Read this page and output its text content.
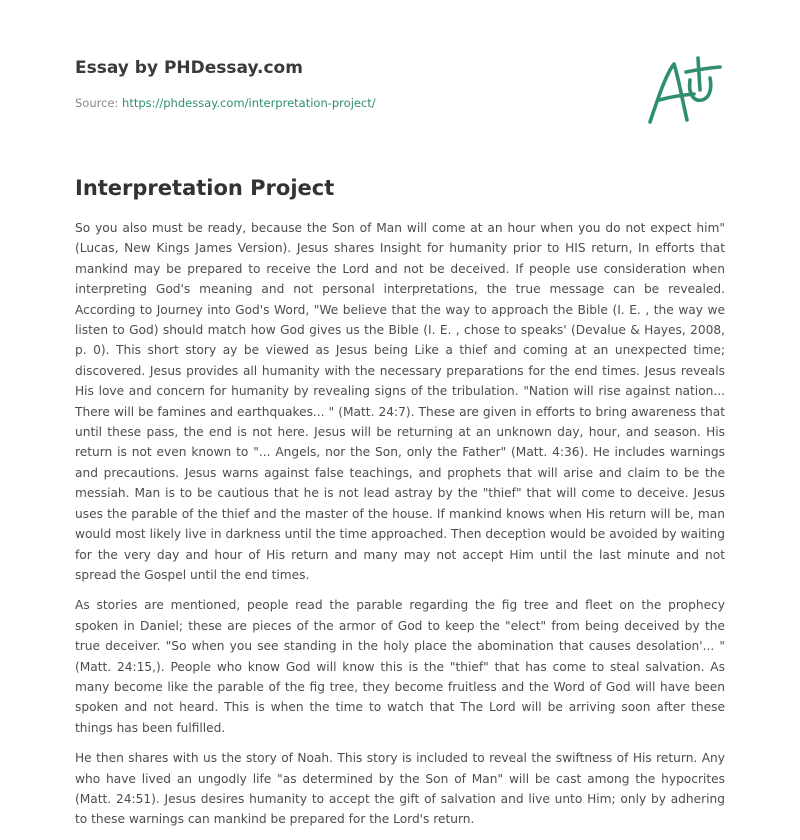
Essay by PHDessay.com
Source: https://phdessay.com/interpretation-project/
Interpretation Project

So you also must be ready, because the Son of Man will come at an hour when you do not expect him" (Lucas, New Kings James Version). Jesus shares Insight for humanity prior to HIS return, In efforts that mankind may be prepared to receive the Lord and not be deceived. If people use consideration when interpreting God's meaning and not personal interpretations, the true message can be revealed. According to Journey into God's Word, "We believe that the way to approach the Bible (I. E. , the way we listen to God) should match how God gives us the Bible (I. E. , chose to speaks' (Devalue & Hayes, 2008, p. 0). This short story ay be viewed as Jesus being Like a thief and coming at an unexpected time; discovered. Jesus provides all humanity with the necessary preparations for the end times. Jesus reveals His love and concern for humanity by revealing signs of the tribulation. "Nation will rise against nation... There will be famines and earthquakes... " (Matt. 24:7). These are given in efforts to bring awareness that until these pass, the end is not here. Jesus will be returning at an unknown day, hour, and season. His return is not even known to "... Angels, nor the Son, only the Father" (Matt. 4:36). He includes warnings and precautions. Jesus warns against false teachings, and prophets that will arise and claim to be the messiah. Man is to be cautious that he is not lead astray by the "thief" that will come to deceive. Jesus uses the parable of the thief and the master of the house. If mankind knows when His return will be, man would most likely live in darkness until the time approached. Then deception would be avoided by waiting for the very day and hour of His return and many may not accept Him until the last minute and not spread the Gospel until the end times.

As stories are mentioned, people read the parable regarding the fig tree and fleet on the prophecy spoken in Daniel; these are pieces of the armor of God to keep the "elect" from being deceived by the true deceiver. "So when you see standing in the holy place the abomination that causes desolation'... " (Matt. 24:15,). People who know God will know this is the "thief" that has come to steal salvation. As many become like the parable of the fig tree, they become fruitless and the Word of God will have been spoken and not heard. This is when the time to watch that The Lord will be arriving soon after these things has been fulfilled.

He then shares with us the story of Noah. This story is included to reveal the swiftness of His return. Any who have lived an ungodly life "as determined by the Son of Man" will be cast among the hypocrites (Matt. 24:51). Jesus desires humanity to accept the gift of salvation and live unto Him; only by adhering to these warnings can mankind be prepared for the Lord's return.
